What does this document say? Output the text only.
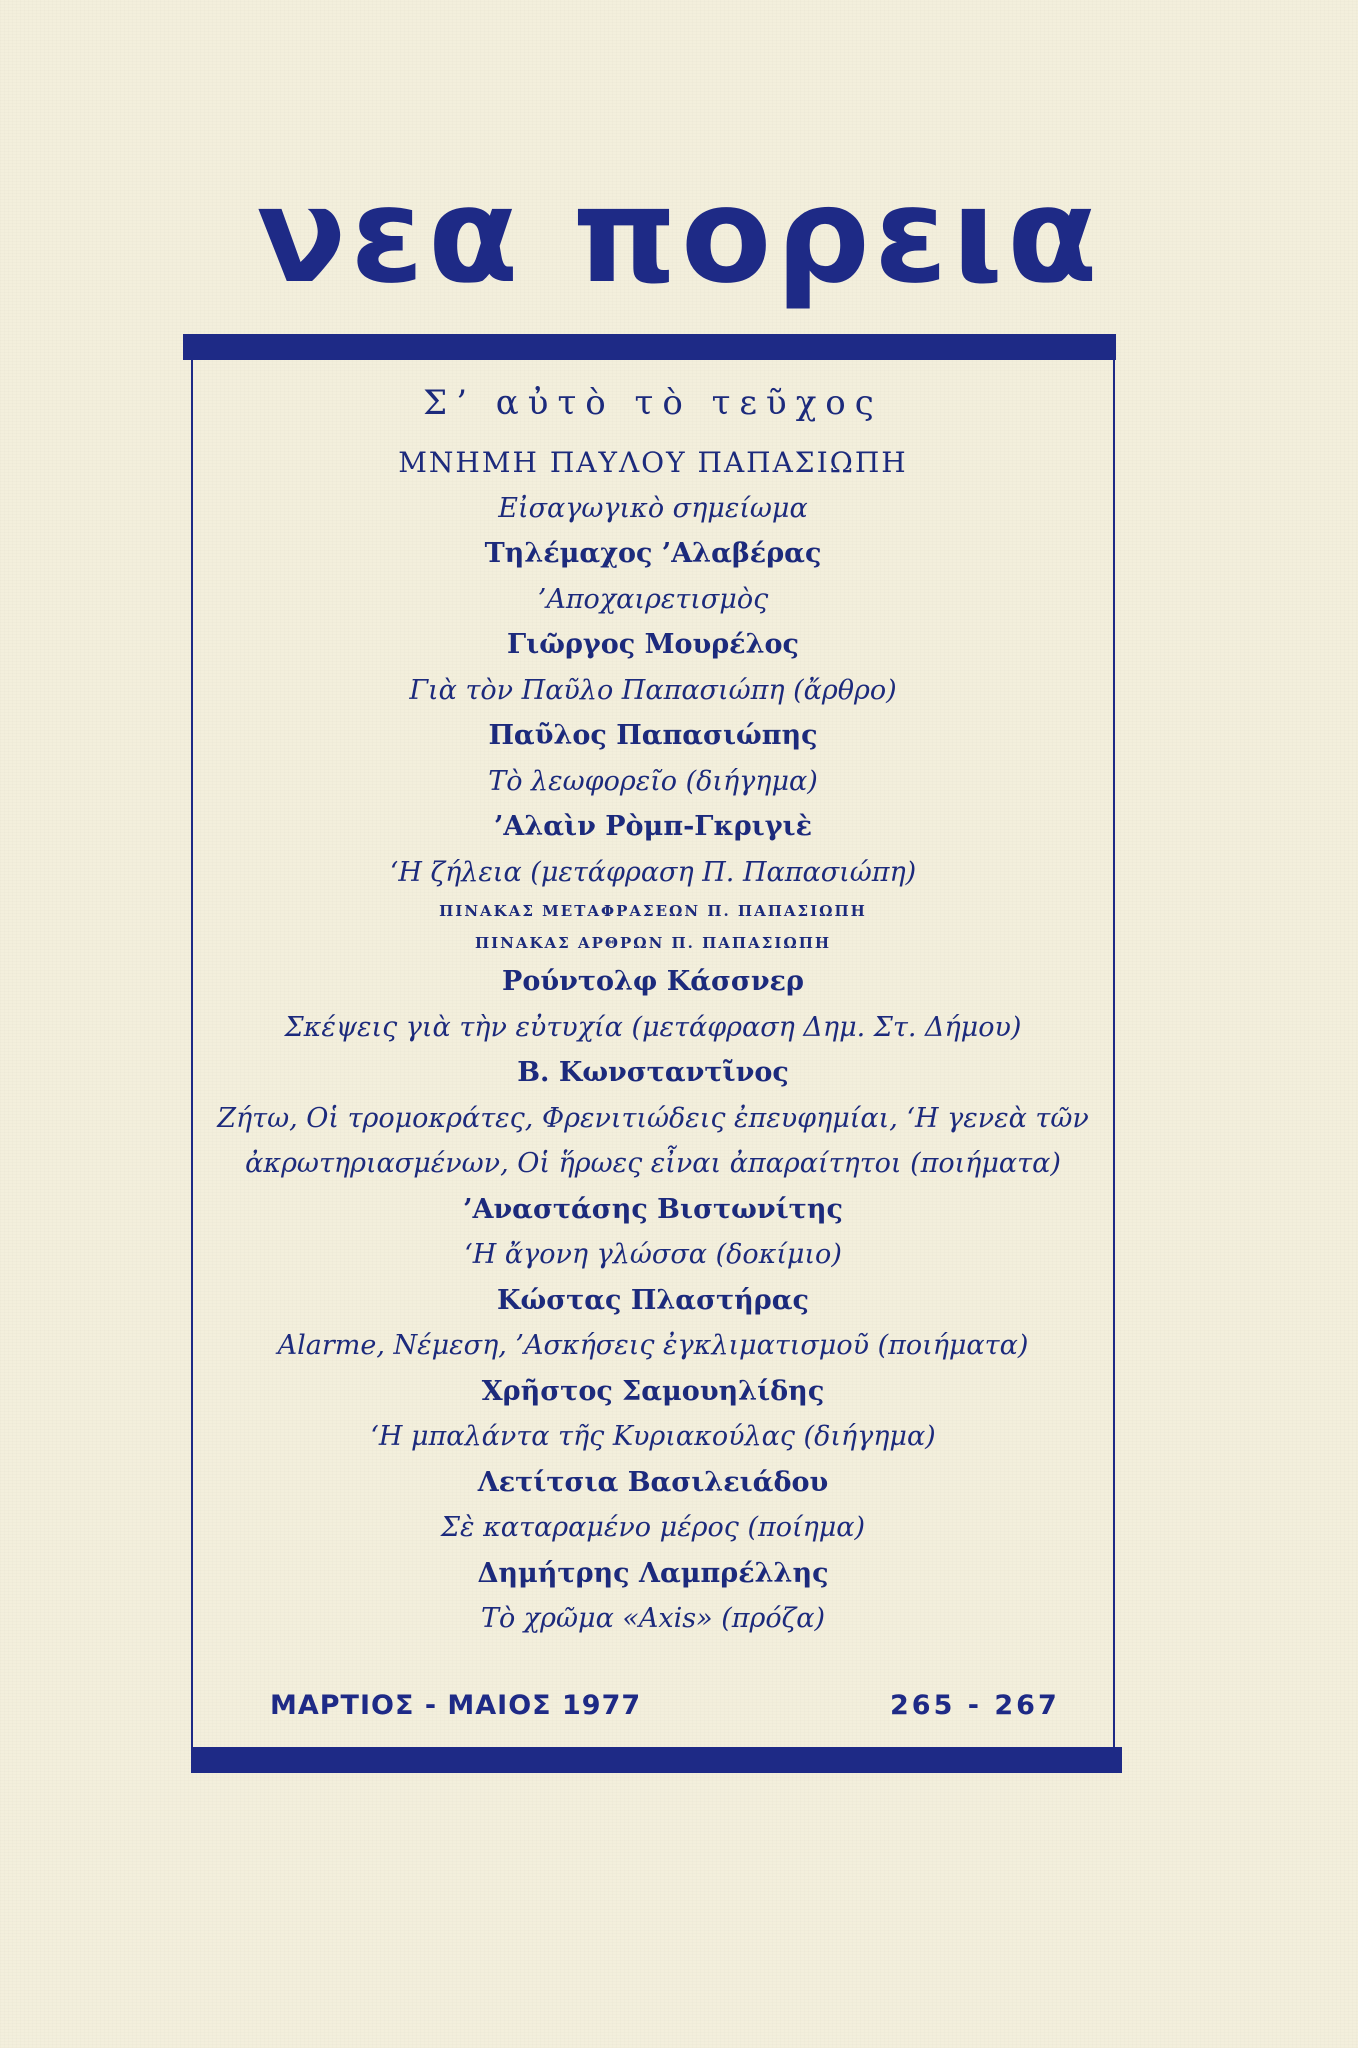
νεα πορεια
Σ’ αὐτὸ τὸ τεῦχος
ΜΝΗΜΗ ΠΑΥΛΟΥ ΠΑΠΑΣΙΩΠΗ
Εἰσαγωγικὸ σημείωμα
Τηλέμαχος ’Αλαβέρας
’Αποχαιρετισμὸς
Γιῶργος Μουρέλος
Γιὰ τὸν Παῦλο Παπασιώπη (ἄρθρο)
Παῦλος Παπασιώπης
Τὸ λεωφορεῖο (διήγημα)
’Αλαὶν Ρὸμπ-Γκριγιὲ
‘Η ζήλεια (μετάφραση Π. Παπασιώπη)
ΠΙΝΑΚΑΣ ΜΕΤΑΦΡΑΣΕΩΝ Π. ΠΑΠΑΣΙΩΠΗ
ΠΙΝΑΚΑΣ ΑΡΘΡΩΝ Π. ΠΑΠΑΣΙΩΠΗ
Ρούντολφ Κάσσνερ
Σκέψεις γιὰ τὴν εὐτυχία (μετάφραση Δημ. Στ. Δήμου)
Β. Κωνσταντῖνος
Ζήτω, Οἱ τρομοκράτες, Φρενιτιώδεις ἐπευφημίαι, ‘Η γενεὰ τῶν ἀκρωτηριασμένων, Οἱ ἥρωες εἶναι ἀπαραίτητοι (ποιήματα)
’Αναστάσης Βιστωνίτης
‘Η ἄγονη γλώσσα (δοκίμιο)
Κώστας Πλαστήρας
Alarme, Νέμεση, ’Ασκήσεις ἐγκλιματισμοῦ (ποιήματα)
Χρῆστος Σαμουηλίδης
‘Η μπαλάντα τῆς Κυριακούλας (διήγημα)
Λετίτσια Βασιλειάδου
Σὲ καταραμένο μέρος (ποίημα)
Δημήτρης Λαμπρέλλης
Τὸ χρῶμα «Axis» (πρόζα)
ΜΑΡΤΙΟΣ - ΜΑΙΟΣ 1977	265 - 267
